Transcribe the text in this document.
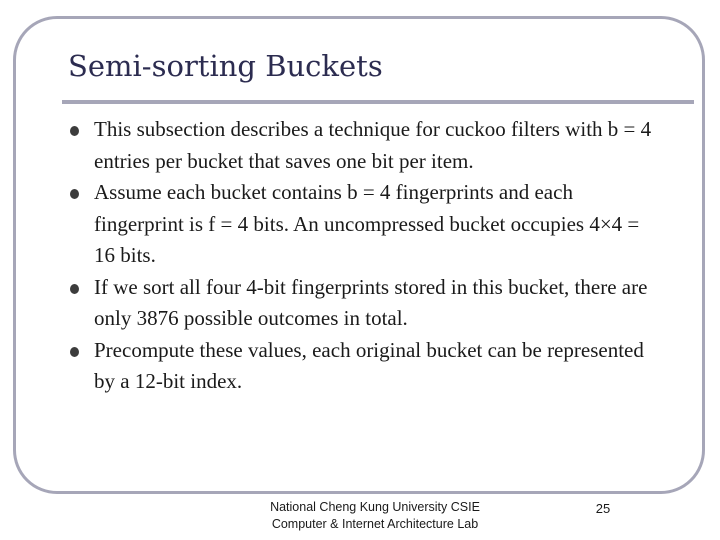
Semi-sorting Buckets
This subsection describes a technique for cuckoo filters with b = 4 entries per bucket that saves one bit per item.
Assume each bucket contains b = 4 fingerprints and each fingerprint is f = 4 bits. An uncompressed bucket occupies 4×4 = 16 bits.
If we sort all four 4-bit fingerprints stored in this bucket, there are only 3876 possible outcomes in total.
Precompute these values, each original bucket can be represented by a 12-bit index.
National Cheng Kung University CSIE
Computer & Internet Architecture Lab
25
